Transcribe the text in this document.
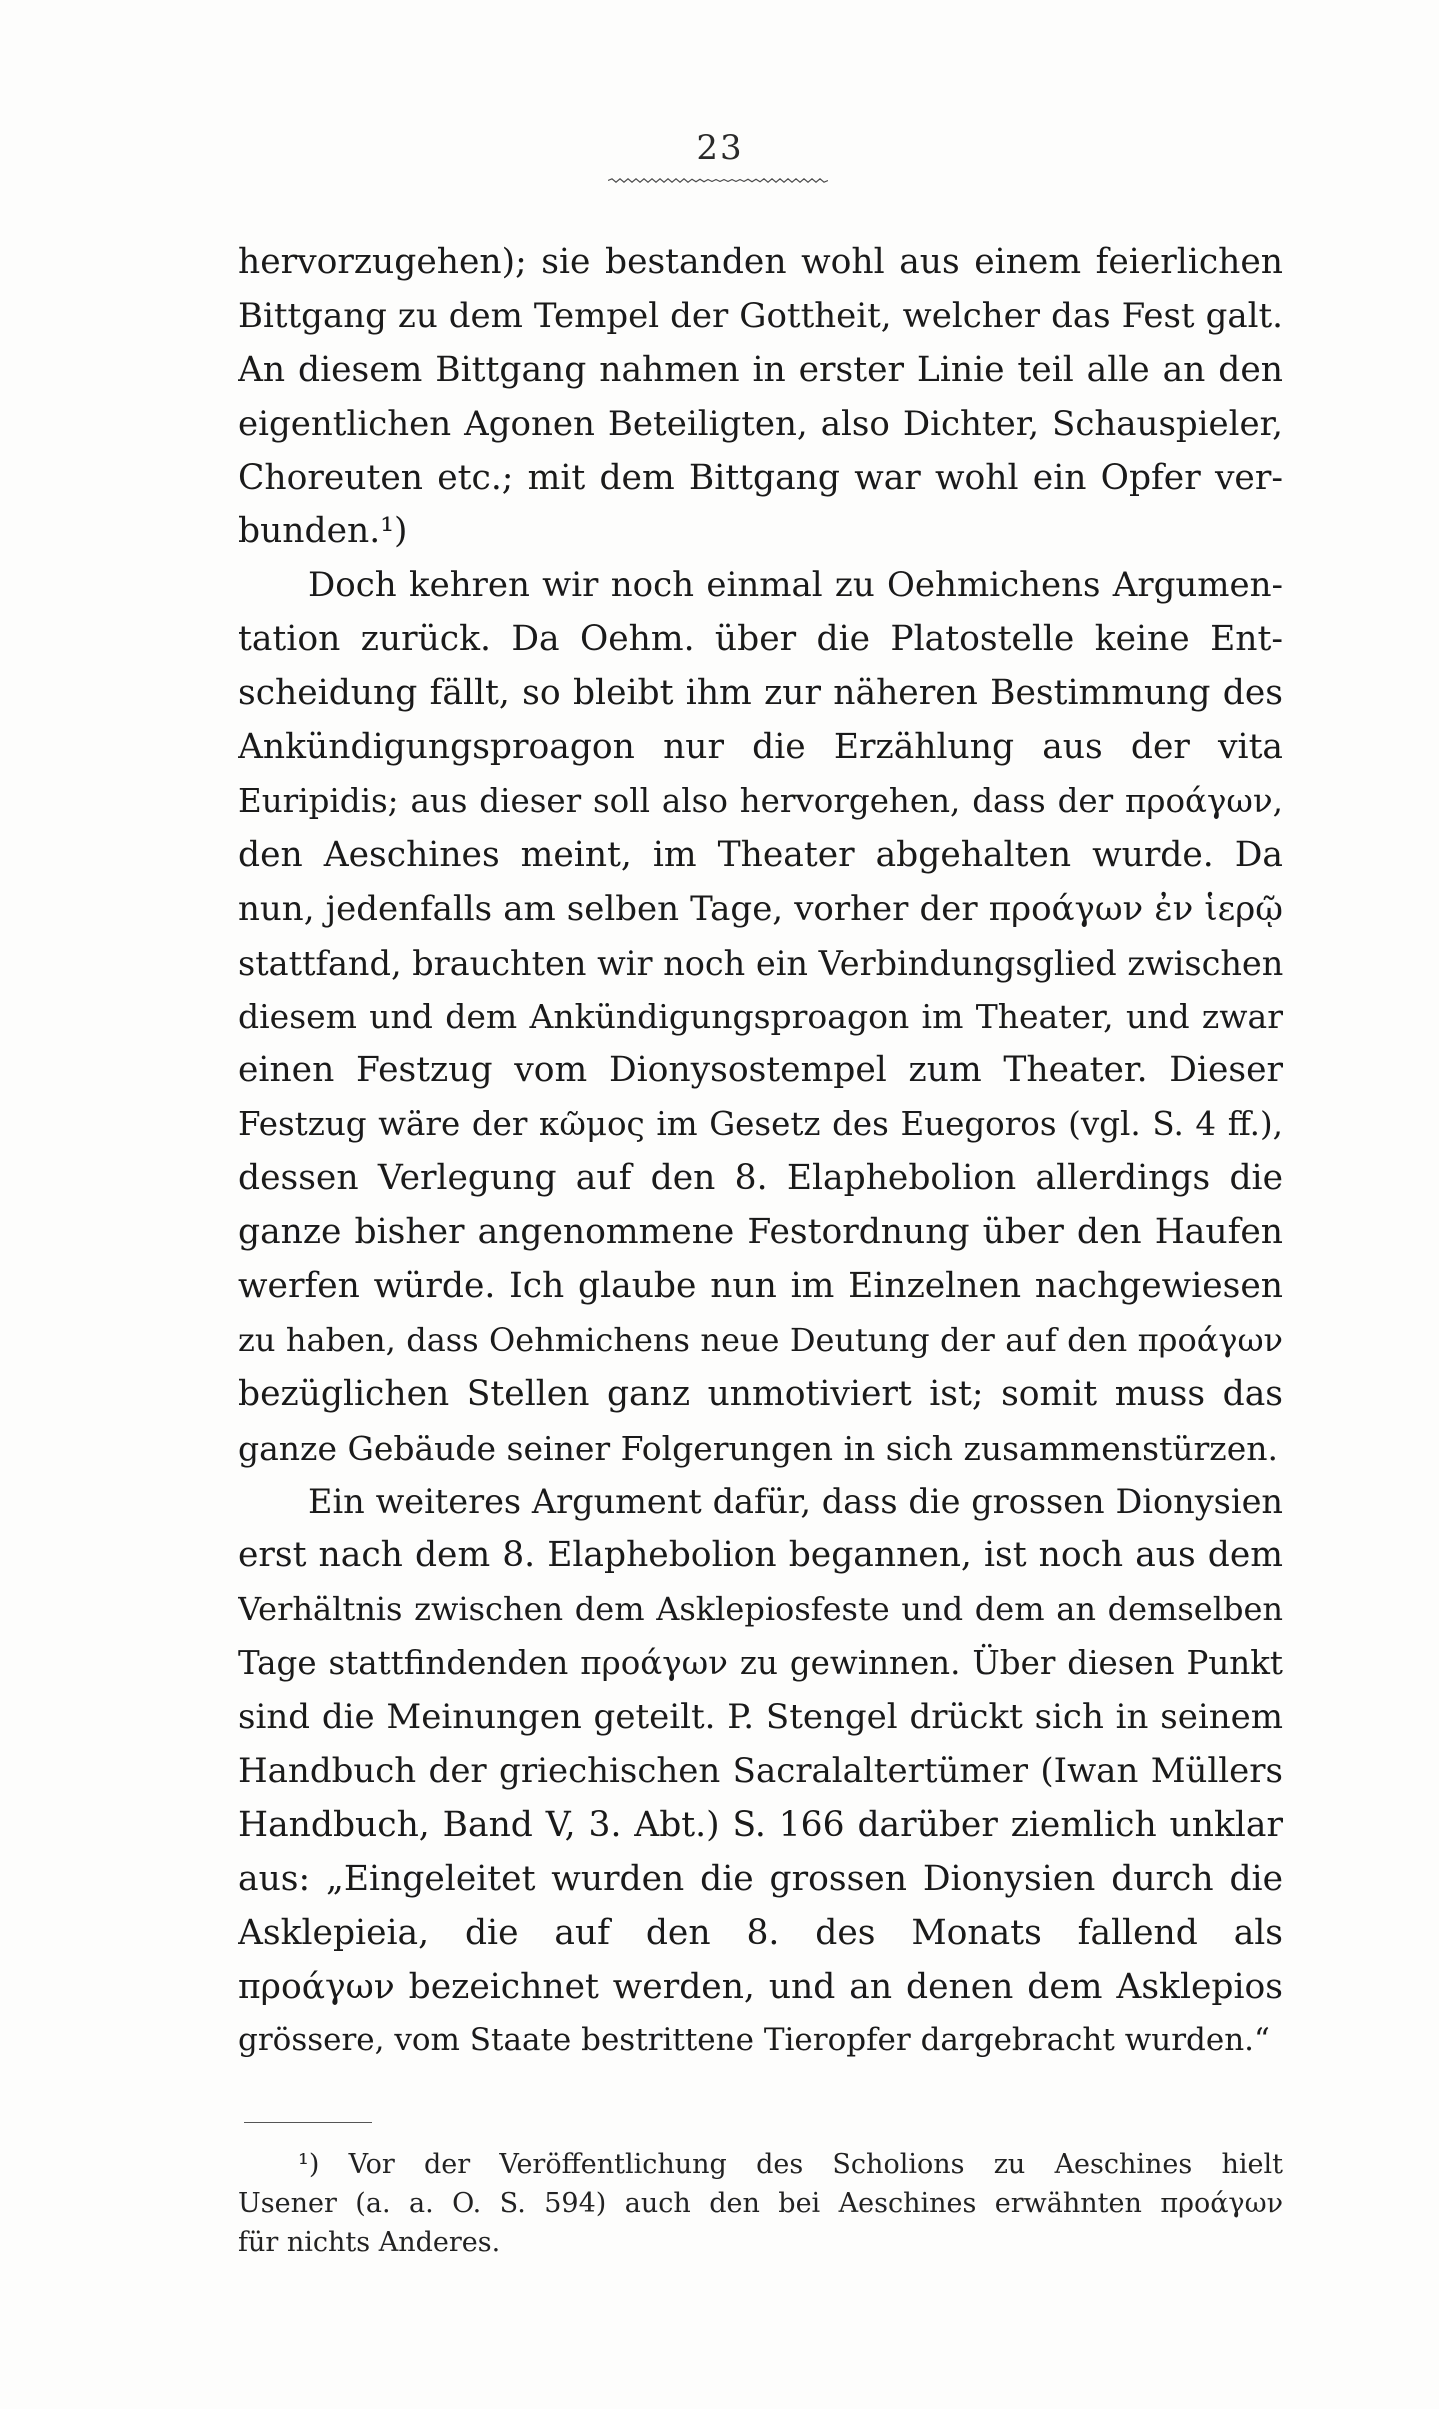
23
hervorzugehen); sie bestanden wohl aus einem feierlichen
Bittgang zu dem Tempel der Gottheit, welcher das Fest galt.
An diesem Bittgang nahmen in erster Linie teil alle an den
eigentlichen Agonen Beteiligten, also Dichter, Schauspieler,
Choreuten etc.; mit dem Bittgang war wohl ein Opfer ver-
bunden.¹)
Doch kehren wir noch einmal zu Oehmichens Argumen-
tation zurück. Da Oehm. über die Platostelle keine Ent-
scheidung fällt, so bleibt ihm zur näheren Bestimmung des
Ankündigungsproagon nur die Erzählung aus der vita
Euripidis; aus dieser soll also hervorgehen, dass der προάγων,
den Aeschines meint, im Theater abgehalten wurde. Da
nun, jedenfalls am selben Tage, vorher der προάγων ἐν ἱερῷ
stattfand, brauchten wir noch ein Verbindungsglied zwischen
diesem und dem Ankündigungsproagon im Theater, und zwar
einen Festzug vom Dionysostempel zum Theater. Dieser
Festzug wäre der κῶμος im Gesetz des Euegoros (vgl. S. 4 ff.),
dessen Verlegung auf den 8. Elaphebolion allerdings die
ganze bisher angenommene Festordnung über den Haufen
werfen würde. Ich glaube nun im Einzelnen nachgewiesen
zu haben, dass Oehmichens neue Deutung der auf den προάγων
bezüglichen Stellen ganz unmotiviert ist; somit muss das
ganze Gebäude seiner Folgerungen in sich zusammenstürzen.
Ein weiteres Argument dafür, dass die grossen Dionysien
erst nach dem 8. Elaphebolion begannen, ist noch aus dem
Verhältnis zwischen dem Asklepiosfeste und dem an demselben
Tage stattfindenden προάγων zu gewinnen. Über diesen Punkt
sind die Meinungen geteilt. P. Stengel drückt sich in seinem
Handbuch der griechischen Sacralaltertümer (Iwan Müllers
Handbuch, Band V, 3. Abt.) S. 166 darüber ziemlich unklar
aus: „Eingeleitet wurden die grossen Dionysien durch die
Asklepieia, die auf den 8. des Monats fallend als
προάγων bezeichnet werden, und an denen dem Asklepios
grössere, vom Staate bestrittene Tieropfer dargebracht wurden.“
¹) Vor der Veröffentlichung des Scholions zu Aeschines hielt
Usener (a. a. O. S. 594) auch den bei Aeschines erwähnten προάγων
für nichts Anderes.
